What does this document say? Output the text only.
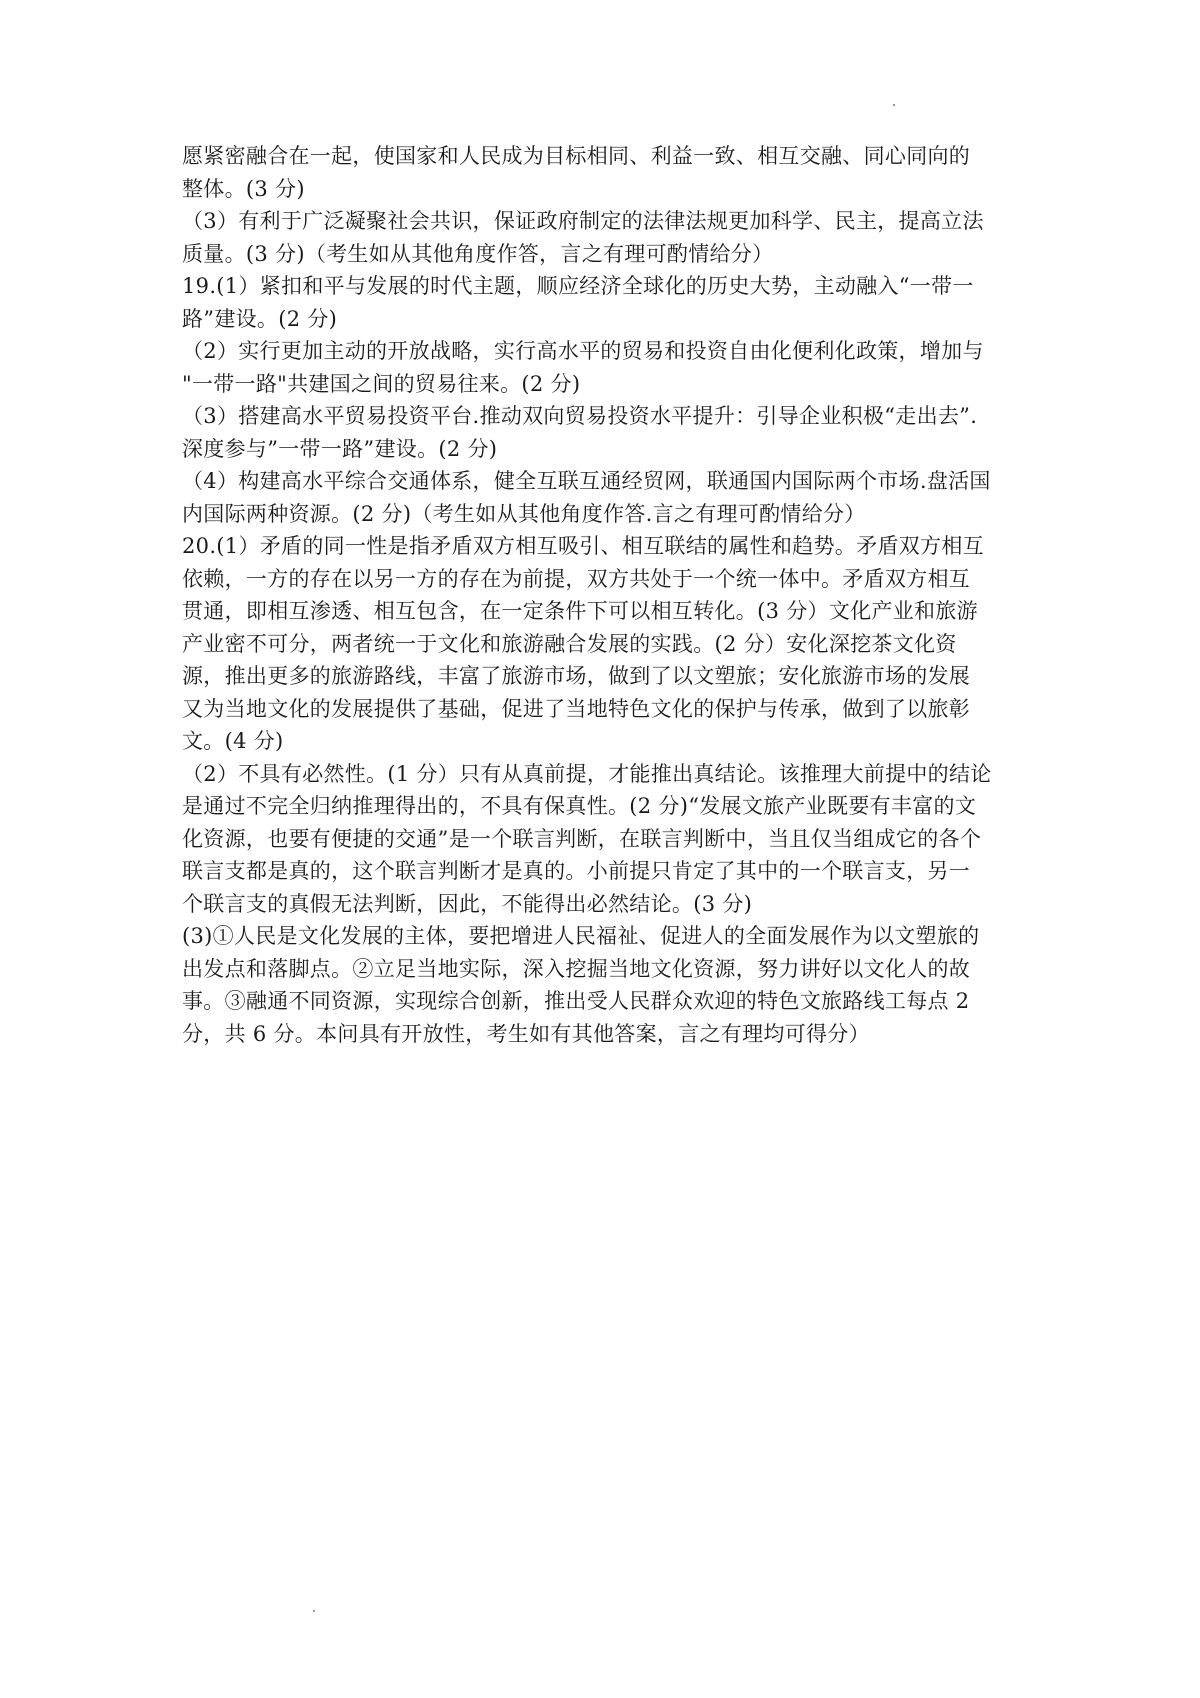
愿紧密融合在一起，使国家和人民成为目标相同、利益一致、相互交融、同心同向的
整体。(3 分)
（3）有利于广泛凝聚社会共识，保证政府制定的法律法规更加科学、民主，提高立法
质量。(3 分)（考生如从其他角度作答，言之有理可酌情给分）
19.(1）紧扣和平与发展的时代主题，顺应经济全球化的历史大势，主动融入“一带一
路”建设。(2 分)
（2）实行更加主动的开放战略，实行高水平的贸易和投资自由化便利化政策，增加与
"一带一路"共建国之间的贸易往来。(2 分)
（3）搭建高水平贸易投资平台.推动双向贸易投资水平提升：引导企业积极“走出去”.
深度参与”一带一路”建设。(2 分)
（4）构建高水平综合交通体系，健全互联互通经贸网，联通国内国际两个市场.盘活国
内国际两种资源。(2 分)（考生如从其他角度作答.言之有理可酌情给分）
20.(1）矛盾的同一性是指矛盾双方相互吸引、相互联结的属性和趋势。矛盾双方相互
依赖，一方的存在以另一方的存在为前提，双方共处于一个统一体中。矛盾双方相互
贯通，即相互渗透、相互包含，在一定条件下可以相互转化。(3 分）文化产业和旅游
产业密不可分，两者统一于文化和旅游融合发展的实践。(2 分）安化深挖茶文化资
源，推出更多的旅游路线，丰富了旅游市场，做到了以文塑旅；安化旅游市场的发展
又为当地文化的发展提供了基础，促进了当地特色文化的保护与传承，做到了以旅彰
文。(4 分)
（2）不具有必然性。(1 分）只有从真前提，才能推出真结论。该推理大前提中的结论
是通过不完全归纳推理得出的，不具有保真性。(2 分)“发展文旅产业既要有丰富的文
化资源，也要有便捷的交通”是一个联言判断，在联言判断中，当且仅当组成它的各个
联言支都是真的，这个联言判断才是真的。小前提只肯定了其中的一个联言支，另一
个联言支的真假无法判断，因此，不能得出必然结论。(3 分)
(3)①人民是文化发展的主体，要把增进人民福祉、促进人的全面发展作为以文塑旅的
出发点和落脚点。②立足当地实际，深入挖掘当地文化资源，努力讲好以文化人的故
事。③融通不同资源，实现综合创新，推出受人民群众欢迎的特色文旅路线工每点 2
分，共 6 分。本问具有开放性，考生如有其他答案，言之有理均可得分）
